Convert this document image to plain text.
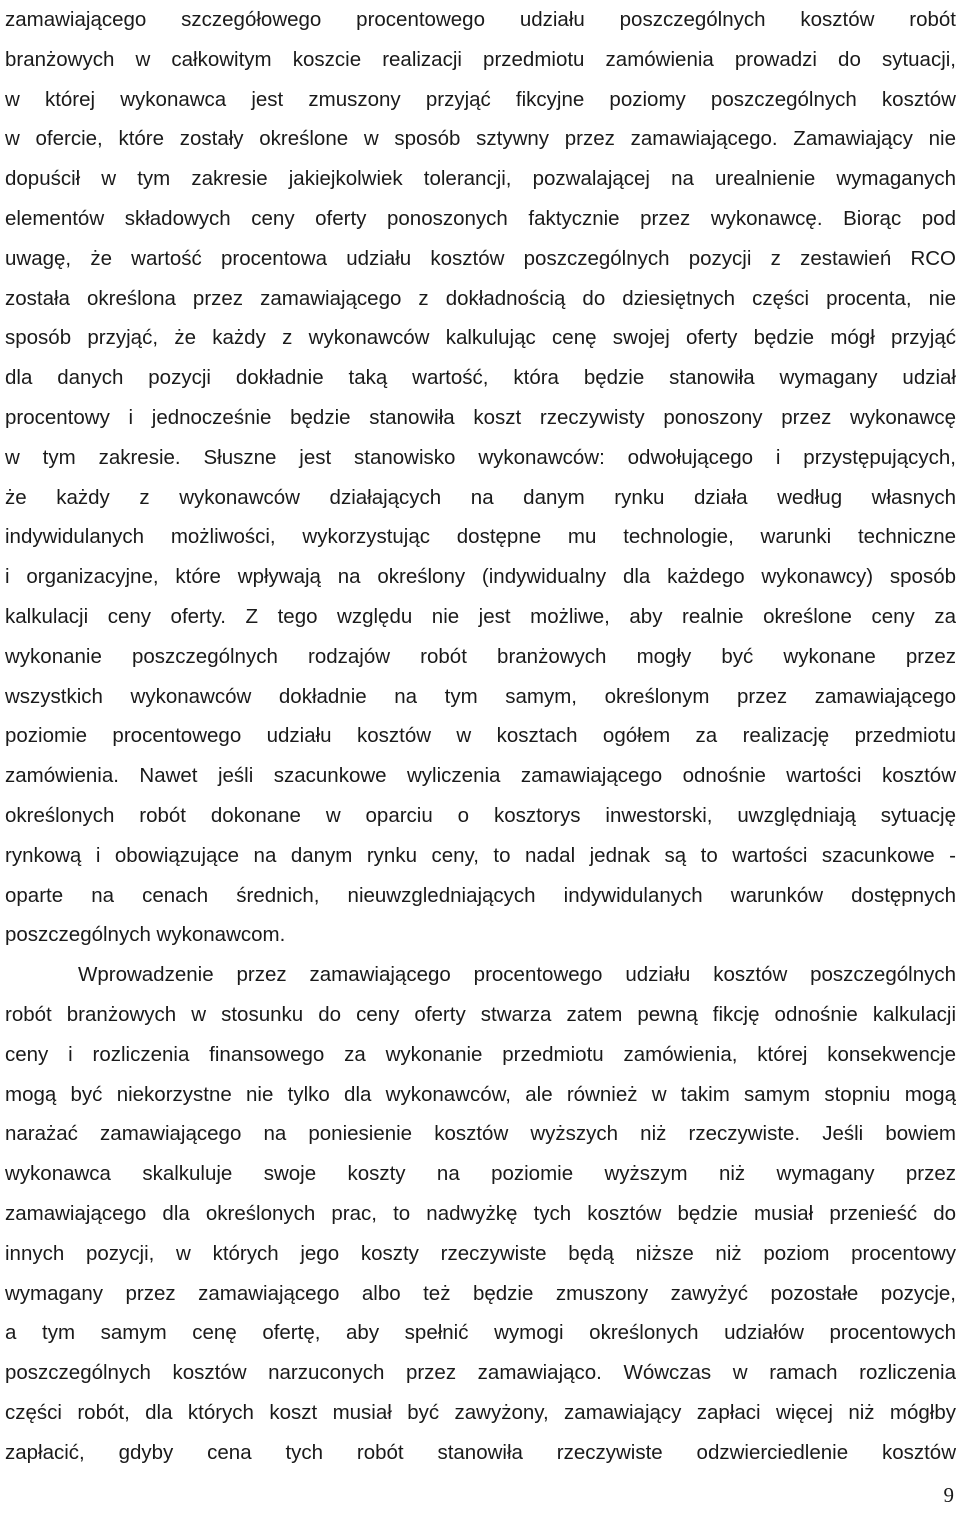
zamawiającego szczegółowego procentowego udziału poszczególnych kosztów robót
branżowych w całkowitym koszcie realizacji przedmiotu zamówienia prowadzi do sytuacji,
w której wykonawca jest zmuszony przyjąć fikcyjne poziomy poszczególnych kosztów
w ofercie, które zostały określone w sposób sztywny przez zamawiającego. Zamawiający nie
dopuścił w tym zakresie jakiejkolwiek tolerancji, pozwalającej na urealnienie wymaganych
elementów składowych ceny oferty ponoszonych faktycznie przez wykonawcę. Biorąc pod
uwagę, że wartość procentowa udziału kosztów poszczególnych pozycji z zestawień RCO
została określona przez zamawiającego z dokładnością do dziesiętnych części procenta, nie
sposób przyjąć, że każdy z wykonawców kalkulując cenę swojej oferty będzie mógł przyjąć
dla danych pozycji dokładnie taką wartość, która będzie stanowiła wymagany udział
procentowy i jednocześnie będzie stanowiła koszt rzeczywisty ponoszony przez wykonawcę
w tym zakresie. Słuszne jest stanowisko wykonawców: odwołującego i przystępujących,
że każdy z wykonawców działających na danym rynku działa według własnych
indywidulanych możliwości, wykorzystując dostępne mu technologie, warunki techniczne
i organizacyjne, które wpływają na określony (indywidualny dla każdego wykonawcy) sposób
kalkulacji ceny oferty. Z tego względu nie jest możliwe, aby realnie określone ceny za
wykonanie poszczególnych rodzajów robót branżowych mogły być wykonane przez
wszystkich wykonawców dokładnie na tym samym, określonym przez zamawiającego
poziomie procentowego udziału kosztów w kosztach ogółem za realizację przedmiotu
zamówienia. Nawet jeśli szacunkowe wyliczenia zamawiającego odnośnie wartości kosztów
określonych robót dokonane w oparciu o kosztorys inwestorski, uwzględniają sytuację
rynkową i obowiązujące na danym rynku ceny, to nadal jednak są to wartości szacunkowe -
oparte na cenach średnich, nieuwzgledniających indywidulanych warunków dostępnych
poszczególnych wykonawcom.
Wprowadzenie przez zamawiającego procentowego udziału kosztów poszczególnych
robót branżowych w stosunku do ceny oferty stwarza zatem pewną fikcję odnośnie kalkulacji
ceny i rozliczenia finansowego za wykonanie przedmiotu zamówienia, której konsekwencje
mogą być niekorzystne nie tylko dla wykonawców, ale również w takim samym stopniu mogą
narażać zamawiającego na poniesienie kosztów wyższych niż rzeczywiste. Jeśli bowiem
wykonawca skalkuluje swoje koszty na poziomie wyższym niż wymagany przez
zamawiającego dla określonych prac, to nadwyżkę tych kosztów będzie musiał przenieść do
innych pozycji, w których jego koszty rzeczywiste będą niższe niż poziom procentowy
wymagany przez zamawiającego albo też będzie zmuszony zawyżyć pozostałe pozycje,
a tym samym cenę ofertę, aby spełnić wymogi określonych udziałów procentowych
poszczególnych kosztów narzuconych przez zamawiająco. Wówczas w ramach rozliczenia
części robót, dla których koszt musiał być zawyżony, zamawiający zapłaci więcej niż mógłby
zapłacić, gdyby cena tych robót stanowiła rzeczywiste odzwierciedlenie kosztów
9
